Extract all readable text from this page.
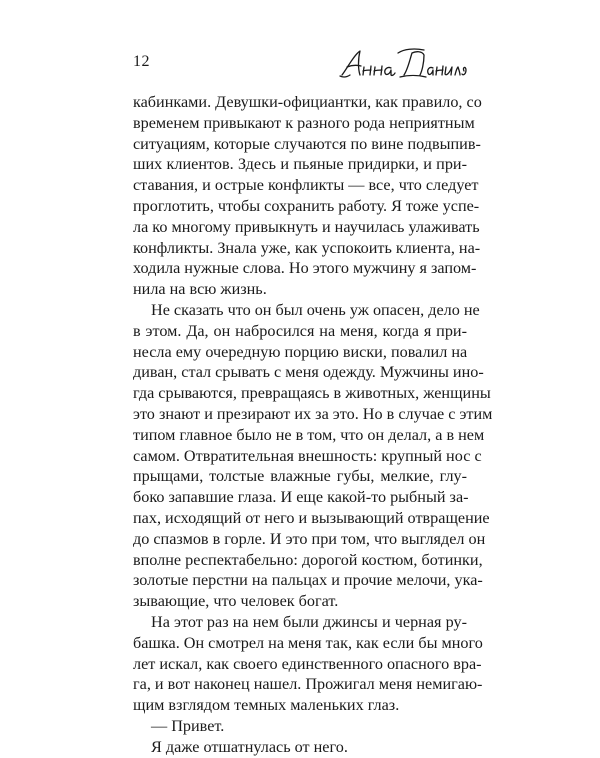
12
кабинками. Девушки-официантки, как правило, со
временем привыкают к разного рода неприятным
ситуациям, которые случаются по вине подвыпив-
ших клиентов. Здесь и пьяные придирки, и при-
ставания, и острые конфликты — все, что следует
проглотить, чтобы сохранить работу. Я тоже успе-
ла ко многому привыкнуть и научилась улаживать
конфликты. Знала уже, как успокоить клиента, на-
ходила нужные слова. Но этого мужчину я запом-
нила на всю жизнь.
Не сказать что он был очень уж опасен, дело не
в этом. Да, он набросился на меня, когда я при-
несла ему очередную порцию виски, повалил на
диван, стал срывать с меня одежду. Мужчины ино-
гда срываются, превращаясь в животных, женщины
это знают и презирают их за это. Но в случае с этим
типом главное было не в том, что он делал, а в нем
самом. Отвратительная внешность: крупный нос с
прыщами, толстые влажные губы, мелкие, глу-
боко запавшие глаза. И еще какой-то рыбный за-
пах, исходящий от него и вызывающий отвращение
до спазмов в горле. И это при том, что выглядел он
вполне респектабельно: дорогой костюм, ботинки,
золотые перстни на пальцах и прочие мелочи, ука-
зывающие, что человек богат.
На этот раз на нем были джинсы и черная ру-
башка. Он смотрел на меня так, как если бы много
лет искал, как своего единственного опасного вра-
га, и вот наконец нашел. Прожигал меня немигаю-
щим взглядом темных маленьких глаз.
— Привет.
Я даже отшатнулась от него.
